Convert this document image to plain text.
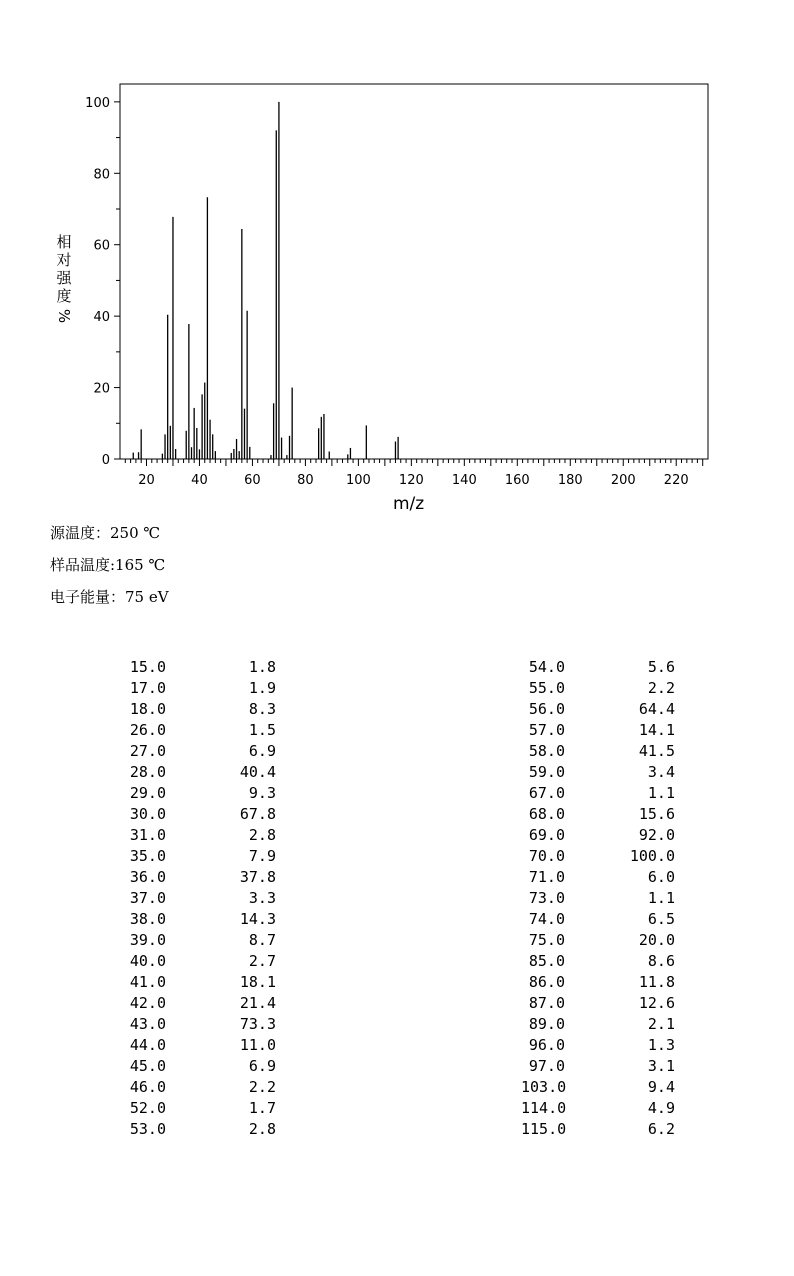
0
20
40
60
80
100
20	40	60	80 100 120 140 160 180 200 220
相
对
强
度
%
m/z
源温度：250 ℃
样品温度:165 ℃
电子能量：75 eV
15.0	1.8
17.0	1.9
18.0	8.3
26.0	1.5
27.0	6.9
28.0	40.4
29.0	9.3
30.0	67.8
31.0	2.8
35.0	7.9
36.0	37.8
37.0	3.3
38.0	14.3
39.0	8.7
40.0	2.7
41.0	18.1
42.0	21.4
43.0	73.3
44.0	11.0
45.0	6.9
46.0	2.2
52.0	1.7
53.0	2.8
54.0	5.6
55.0	2.2
56.0	64.4
57.0	14.1
58.0	41.5
59.0	3.4
67.0	1.1
68.0	15.6
69.0	92.0
70.0	100.0
71.0	6.0
73.0	1.1
74.0	6.5
75.0	20.0
85.0	8.6
86.0	11.8
87.0	12.6
89.0	2.1
96.0	1.3
97.0	3.1
103.0	9.4
114.0	4.9
115.0	6.2
